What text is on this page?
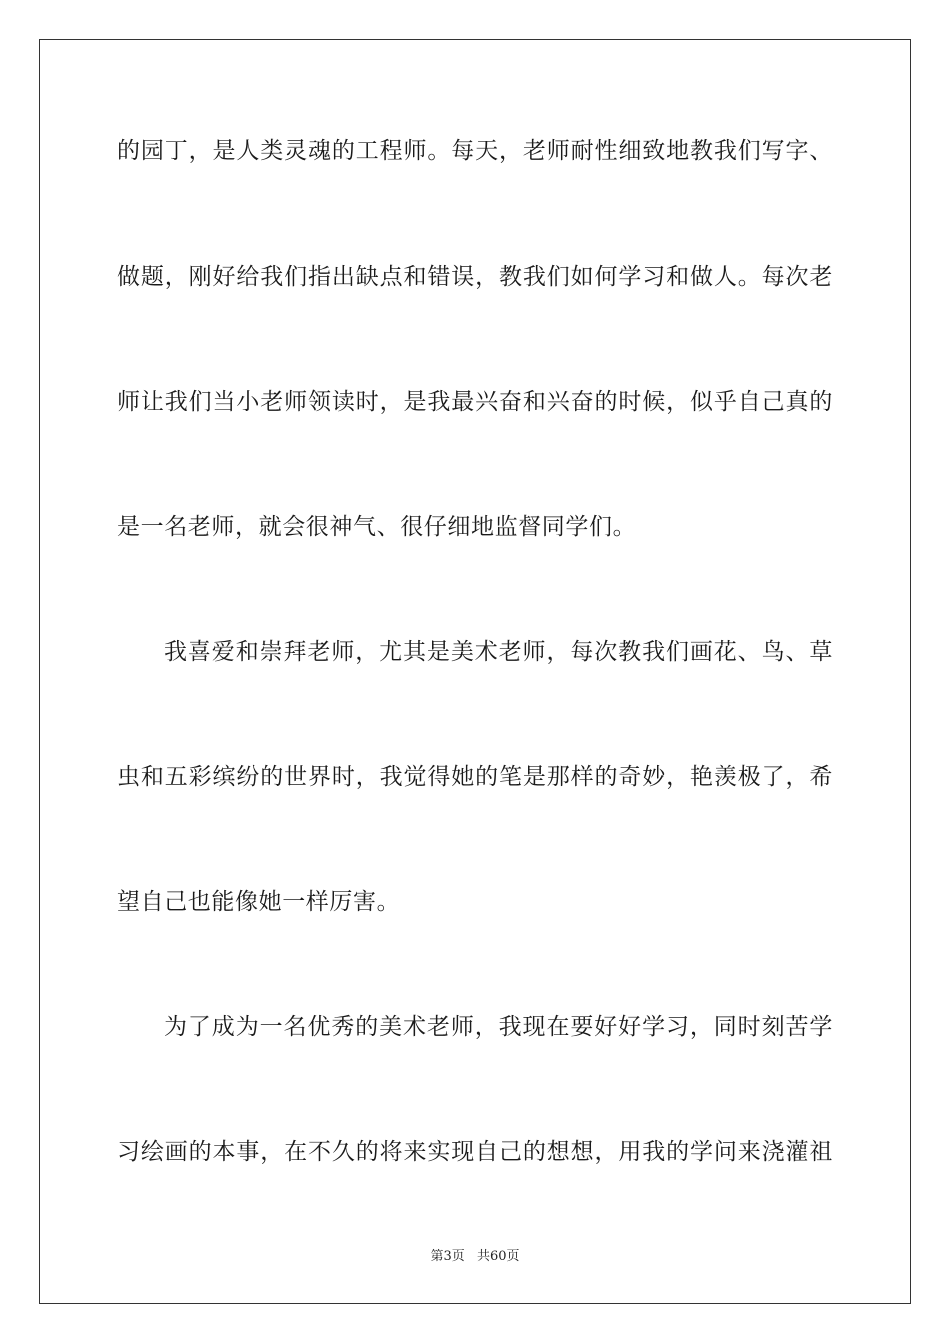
的园丁，是人类灵魂的工程师。每天，老师耐性细致地教我们写字、
做题，刚好给我们指出缺点和错误，教我们如何学习和做人。每次老
师让我们当小老师领读时，是我最兴奋和兴奋的时候，似乎自己真的
是一名老师，就会很神气、很仔细地监督同学们。
我喜爱和崇拜老师，尤其是美术老师，每次教我们画花、鸟、草
虫和五彩缤纷的世界时，我觉得她的笔是那样的奇妙，艳羡极了，希
望自己也能像她一样厉害。
为了成为一名优秀的美术老师，我现在要好好学习，同时刻苦学
习绘画的本事，在不久的将来实现自己的想想，用我的学问来浇灌祖
第3页 共60页
